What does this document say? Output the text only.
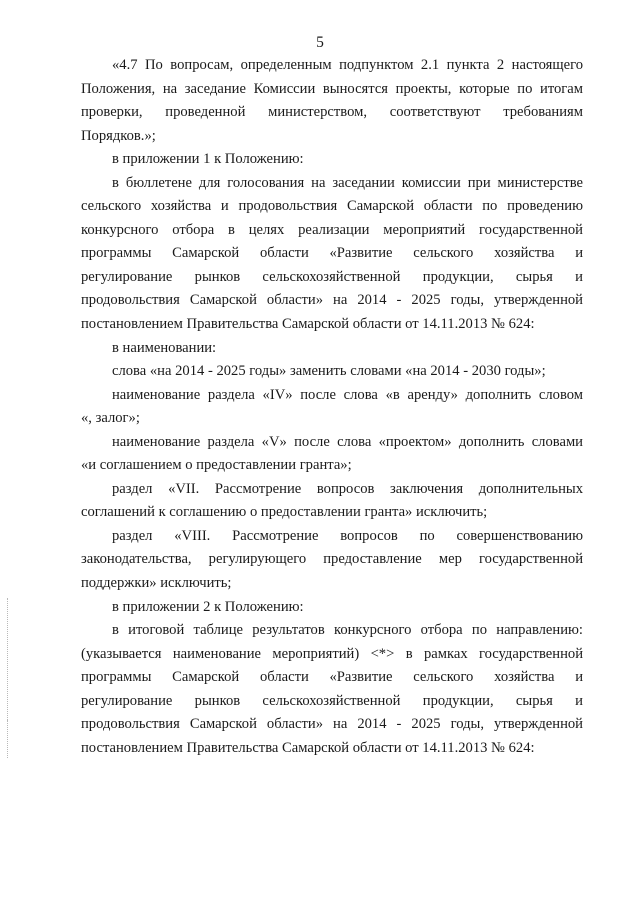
5
«4.7 По вопросам, определенным подпунктом 2.1 пункта 2 настоящего
Положения, на заседание Комиссии выносятся проекты, которые по итогам
проверки, проведенной министерством, соответствуют требованиям
Порядков.»;
в приложении 1 к Положению:
в бюллетене для голосования на заседании комиссии при министерстве
сельского хозяйства и продовольствия Самарской области по проведению
конкурсного отбора в целях реализации мероприятий государственной
программы Самарской области «Развитие сельского хозяйства и
регулирование рынков сельскохозяйственной продукции, сырья и
продовольствия Самарской области» на 2014 - 2025 годы, утвержденной
постановлением Правительства Самарской области от 14.11.2013 № 624:
в наименовании:
слова «на 2014 - 2025 годы» заменить словами «на 2014 - 2030 годы»;
наименование раздела «IV» после слова «в аренду» дополнить словом
«, залог»;
наименование раздела «V» после слова «проектом» дополнить словами
«и соглашением о предоставлении гранта»;
раздел «VII. Рассмотрение вопросов заключения дополнительных
соглашений к соглашению о предоставлении гранта» исключить;
раздел «VIII. Рассмотрение вопросов по совершенствованию
законодательства, регулирующего предоставление мер государственной
поддержки» исключить;
в приложении 2 к Положению:
в итоговой таблице результатов конкурсного отбора по направлению:
(указывается наименование мероприятий) <*> в рамках государственной
программы Самарской области «Развитие сельского хозяйства и
регулирование рынков сельскохозяйственной продукции, сырья и
продовольствия Самарской области» на 2014 - 2025 годы, утвержденной
постановлением Правительства Самарской области от 14.11.2013 № 624:
